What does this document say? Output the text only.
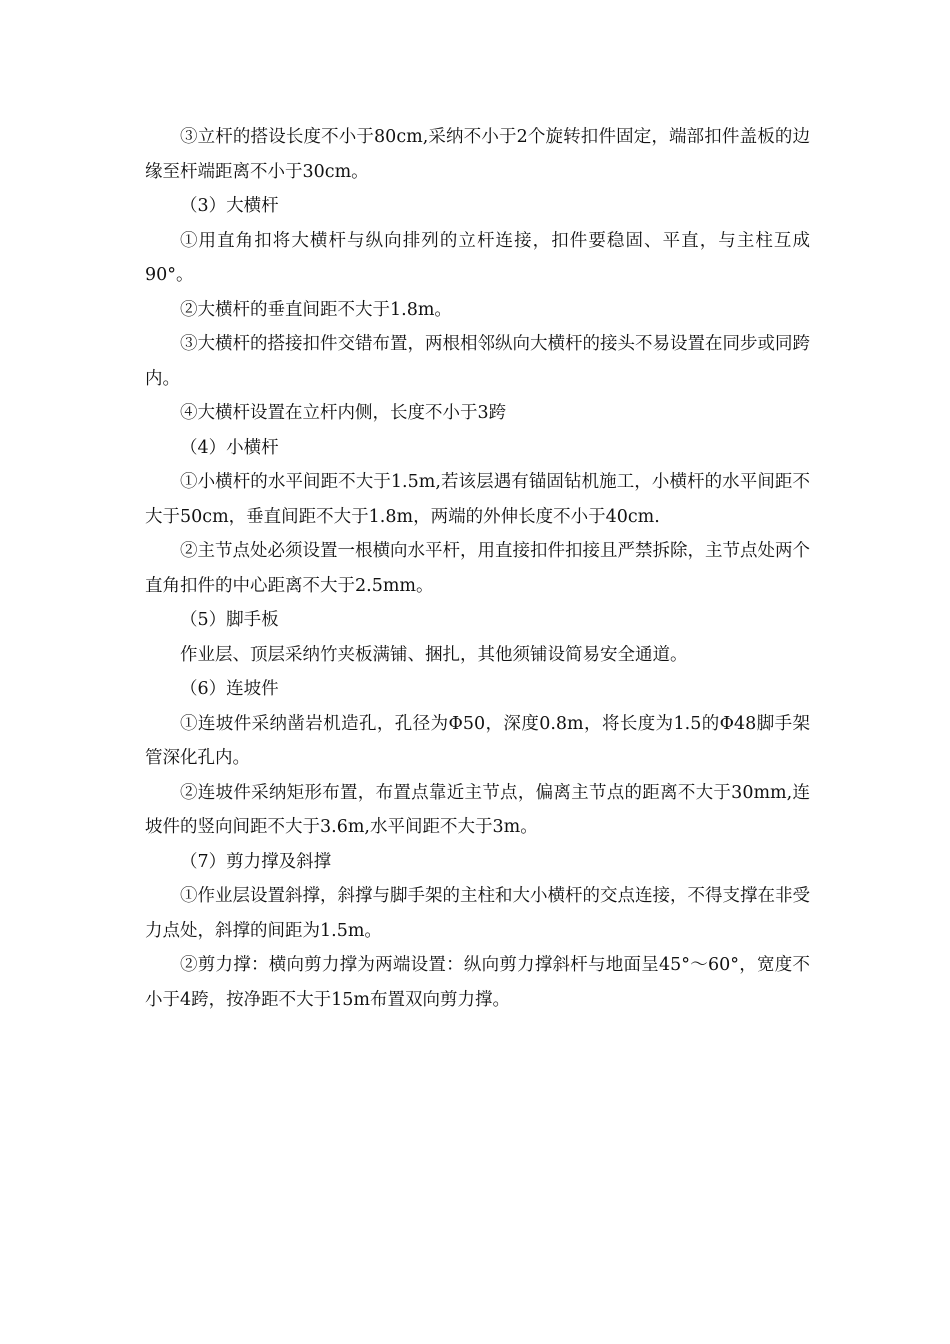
③立杆的搭设长度不小于80cm,采纳不小于2个旋转扣件固定，端部扣件盖板的边缘至杆端距离不小于30cm。

（3）大横杆

①用直角扣将大横杆与纵向排列的立杆连接，扣件要稳固、平直，与主柱互成90°。

②大横杆的垂直间距不大于1.8m。

③大横杆的搭接扣件交错布置，两根相邻纵向大横杆的接头不易设置在同步或同跨内。

④大横杆设置在立杆内侧，长度不小于3跨

（4）小横杆

①小横杆的水平间距不大于1.5m,若该层遇有锚固钻机施工，小横杆的水平间距不大于50cm，垂直间距不大于1.8m，两端的外伸长度不小于40cm.

②主节点处必须设置一根横向水平杆，用直接扣件扣接且严禁拆除，主节点处两个直角扣件的中心距离不大于2.5mm。

（5）脚手板

作业层、顶层采纳竹夹板满铺、捆扎，其他须铺设简易安全通道。

（6）连坡件

①连坡件采纳凿岩机造孔，孔径为Φ50，深度0.8m，将长度为1.5的Φ48脚手架管深化孔内。

②连坡件采纳矩形布置，布置点靠近主节点，偏离主节点的距离不大于30mm,连坡件的竖向间距不大于3.6m,水平间距不大于3m。

（7）剪力撑及斜撑

①作业层设置斜撑，斜撑与脚手架的主柱和大小横杆的交点连接，不得支撑在非受力点处，斜撑的间距为1.5m。

②剪力撑：横向剪力撑为两端设置：纵向剪力撑斜杆与地面呈45°～60°，宽度不小于4跨，按净距不大于15m布置双向剪力撑。
